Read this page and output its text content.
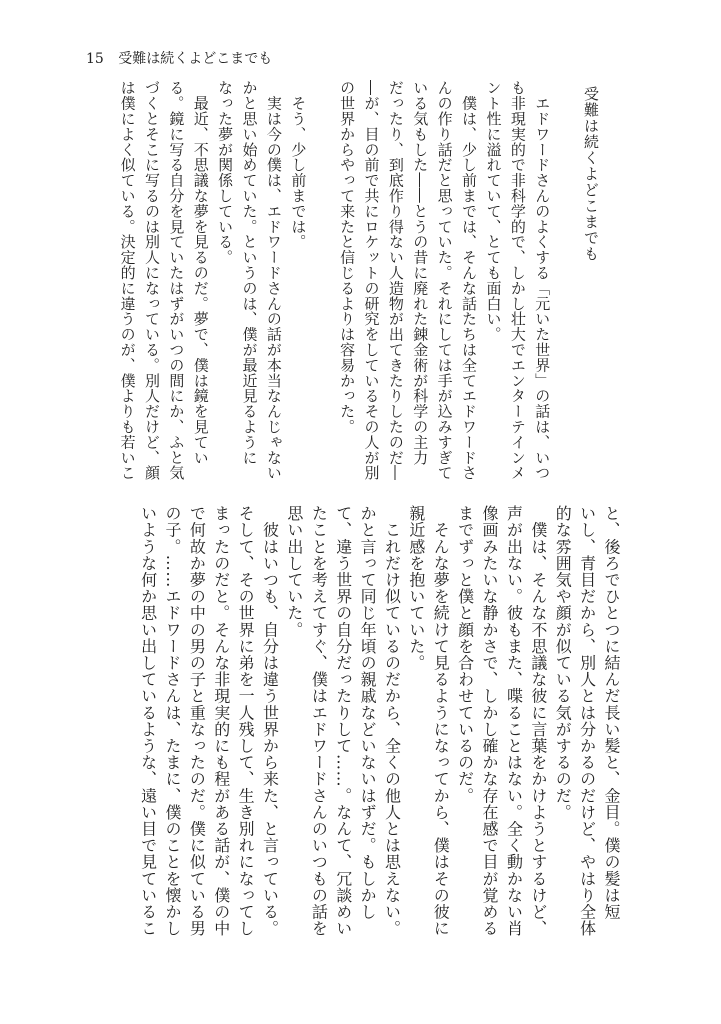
15 受難は続くよどこまでも
受難は続くよどこまでも
　エドワードさんのよくする「元いた世界」の話は、いつ
も非現実的で非科学的で、しかし壮大でエンターテインメ
ント性に溢れていて、とても面白い。
　僕は、少し前までは、そんな話たちは全てエドワードさ
んの作り話だと思っていた。それにしては手が込みすぎて
いる気もした――とうの昔に廃れた錬金術が科学の主力
だったり、到底作り得ない人造物が出てきたりしたのだ―
―が、目の前で共にロケットの研究をしているその人が別
の世界からやって来たと信じるよりは容易かった。
　そう、少し前までは。
　実は今の僕は、エドワードさんの話が本当なんじゃない
かと思い始めていた。というのは、僕が最近見るように
なった夢が関係している。
　最近、不思議な夢を見るのだ。夢で、僕は鏡を見てい
る。鏡に写る自分を見ていたはずがいつの間にか、ふと気
づくとそこに写るのは別人になっている。別人だけど、顔
は僕によく似ている。決定的に違うのが、僕よりも若いこ
と、後ろでひとつに結んだ長い髪と、金目。僕の髪は短
いし、青目だから、別人とは分かるのだけど、やはり全体
的な雰囲気や顔が似ている気がするのだ。
　僕は、そんな不思議な彼に言葉をかけようとするけど、
声が出ない。彼もまた、喋ることはない。全く動かない肖
像画みたいな静かさで、しかし確かな存在感で目が覚める
までずっと僕と顔を合わせているのだ。
　そんな夢を続けて見るようになってから、僕はその彼に
親近感を抱いていた。
　これだけ似ているのだから、全くの他人とは思えない。
かと言って同じ年頃の親戚などいないはずだ。もしかし
て、違う世界の自分だったりして……。なんて、冗談めい
たことを考えてすぐ、僕はエドワードさんのいつもの話を
思い出していた。
　彼はいつも、自分は違う世界から来た、と言っている。
そして、その世界に弟を一人残して、生き別れになってし
まったのだと。そんな非現実的にも程がある話が、僕の中
で何故か夢の中の男の子と重なったのだ。僕に似ている男
の子。……エドワードさんは、たまに、僕のことを懐かし
いような何か思い出しているような、遠い目で見ているこ
